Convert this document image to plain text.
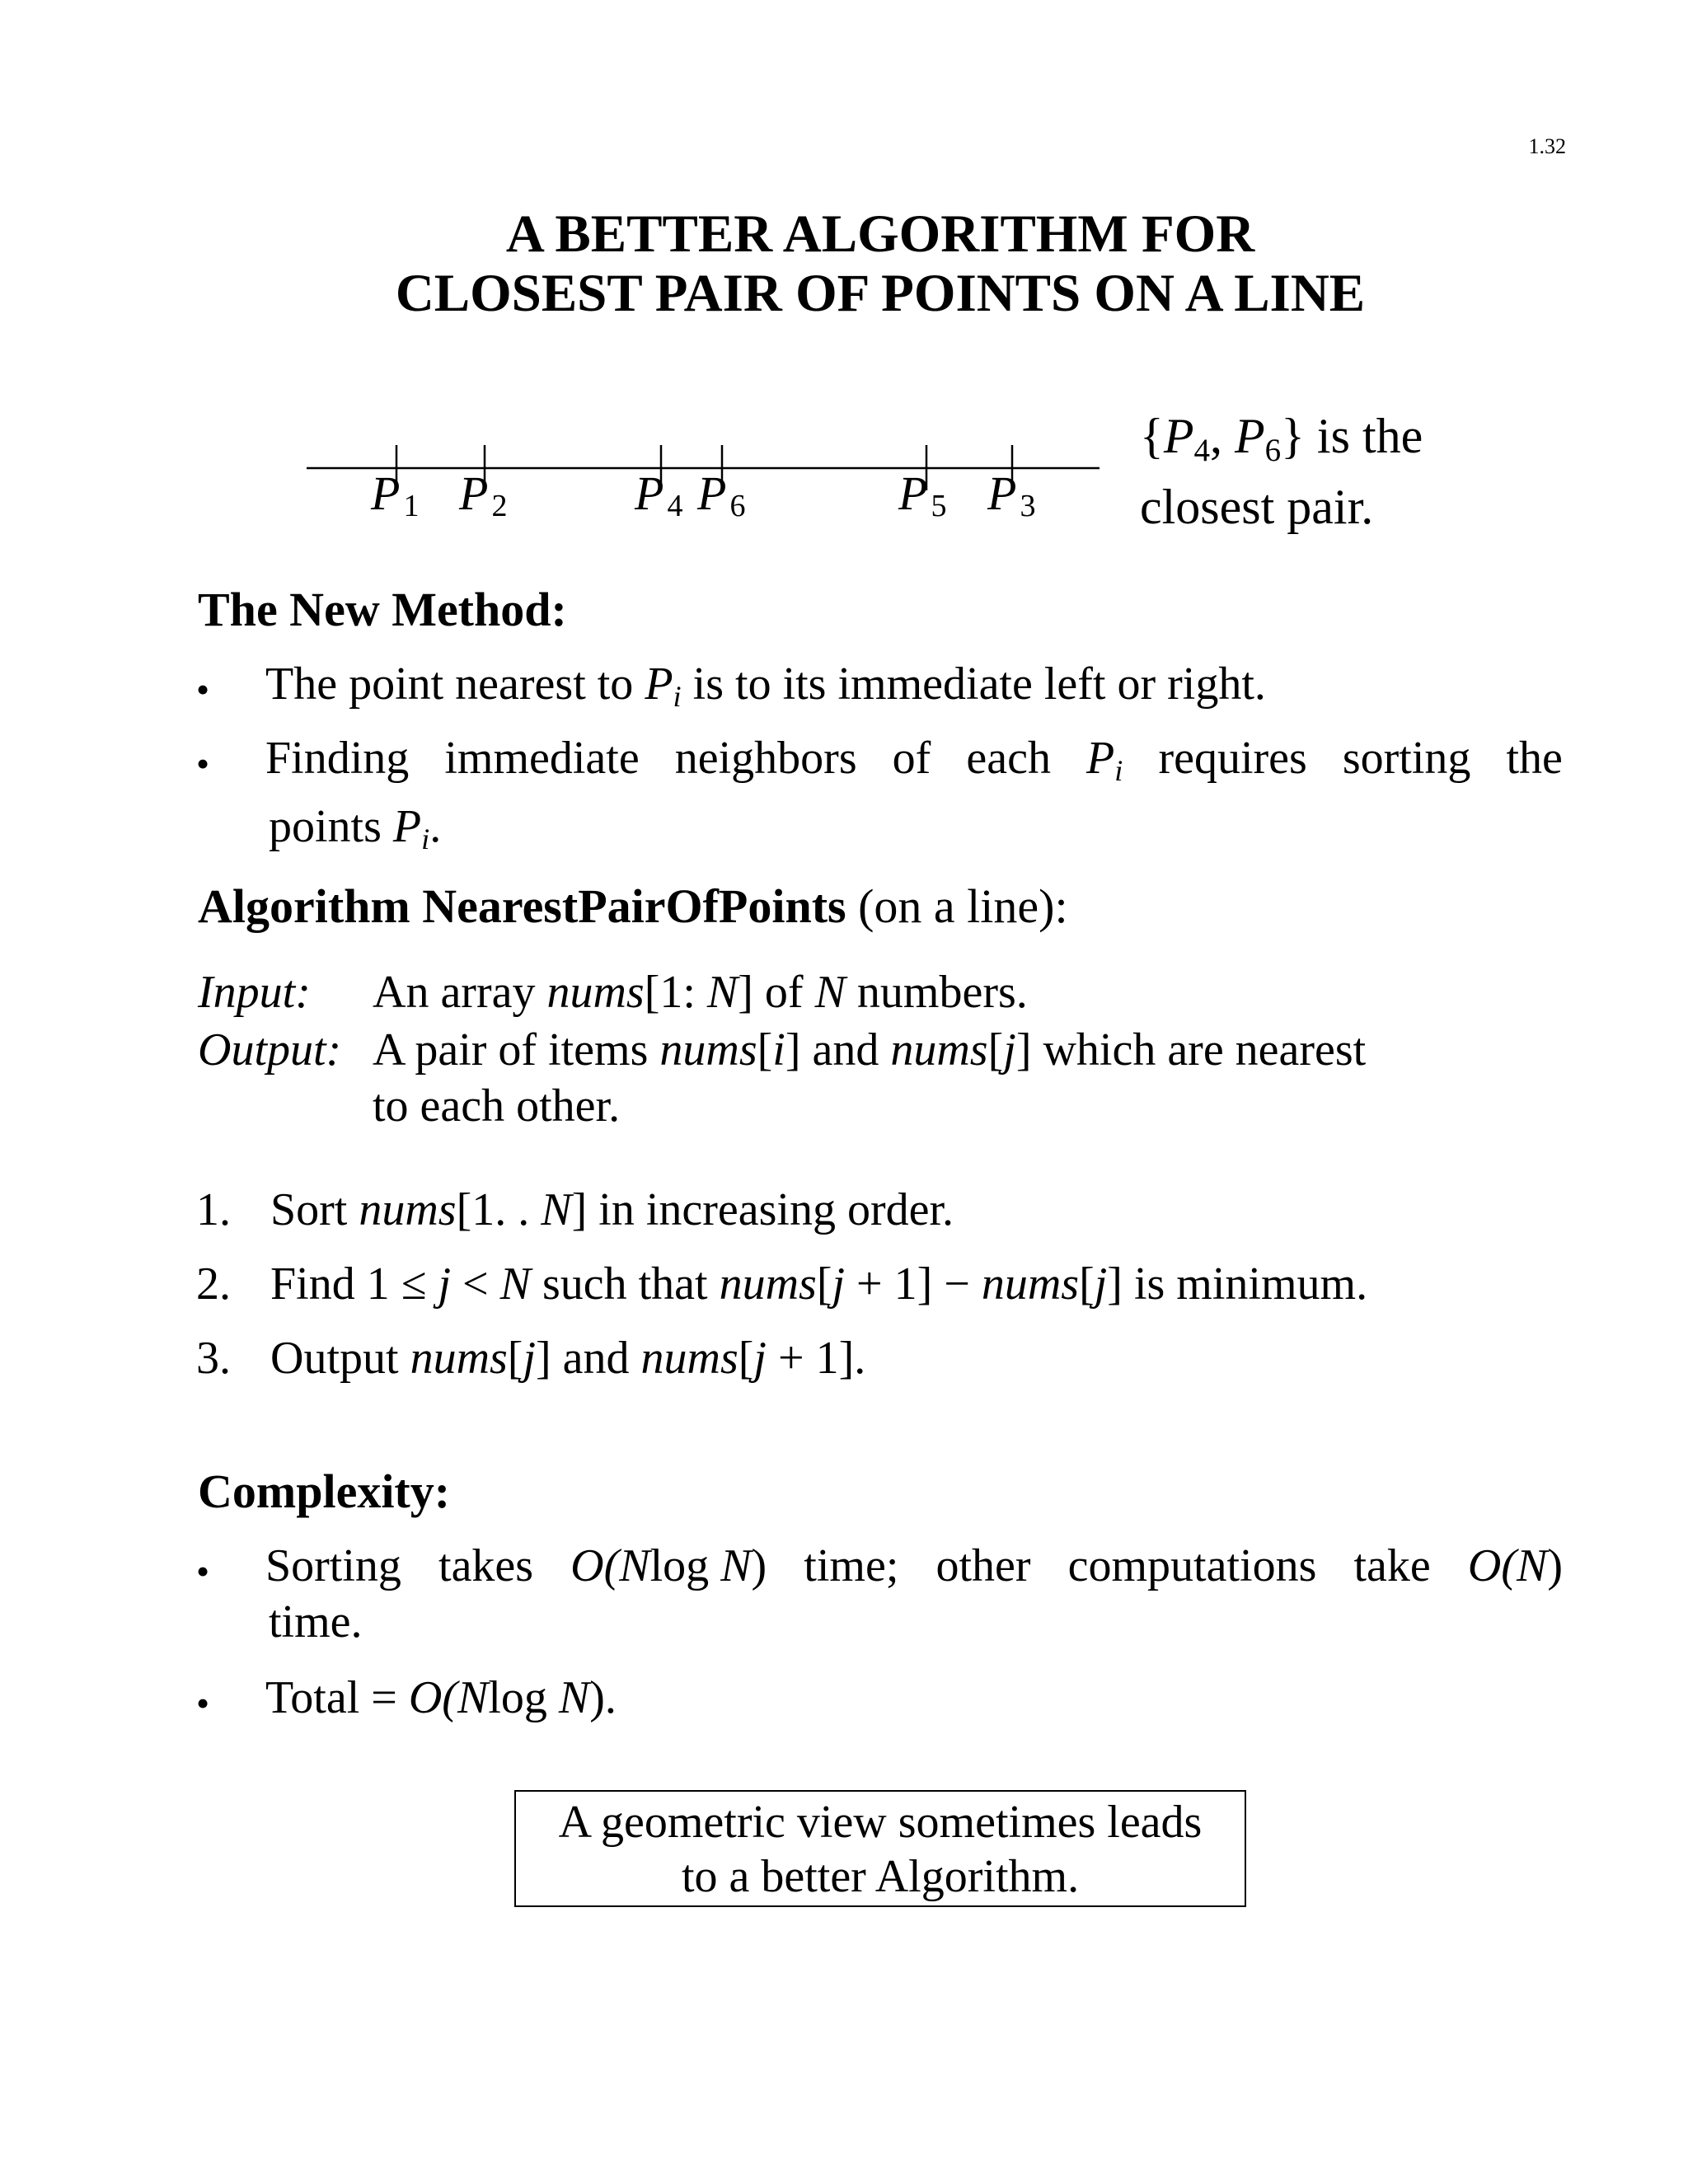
1.32
A BETTER ALGORITHM FOR
CLOSEST PAIR OF POINTS ON A LINE
P 1 P 2	P 4 P 6	P 5 P 3
{$P_4$, $P_6$} is the
closest pair.
The New Method:
• The point nearest to $P_i$ is to its immediate left or right.
• Finding immediate neighbors of each $P_i$ requires sorting the
points $P_i$.
Algorithm NearestPairOfPoints (on a line):
Input: An array nums[1: N] of N numbers.
Output: A pair of items nums[i] and nums[j] which are nearest
to each other.
1. Sort nums[1. . N] in increasing order.
2. Find 1 ≤ j < N such that nums[j + 1] − nums[j] is minimum.
3. Output nums[j] and nums[j + 1].
Complexity:
• Sorting takes O(Nlog N) time; other computations take O(N)
time.
• Total = O(Nlog N).
A geometric view sometimes leads
to a better Algorithm.
